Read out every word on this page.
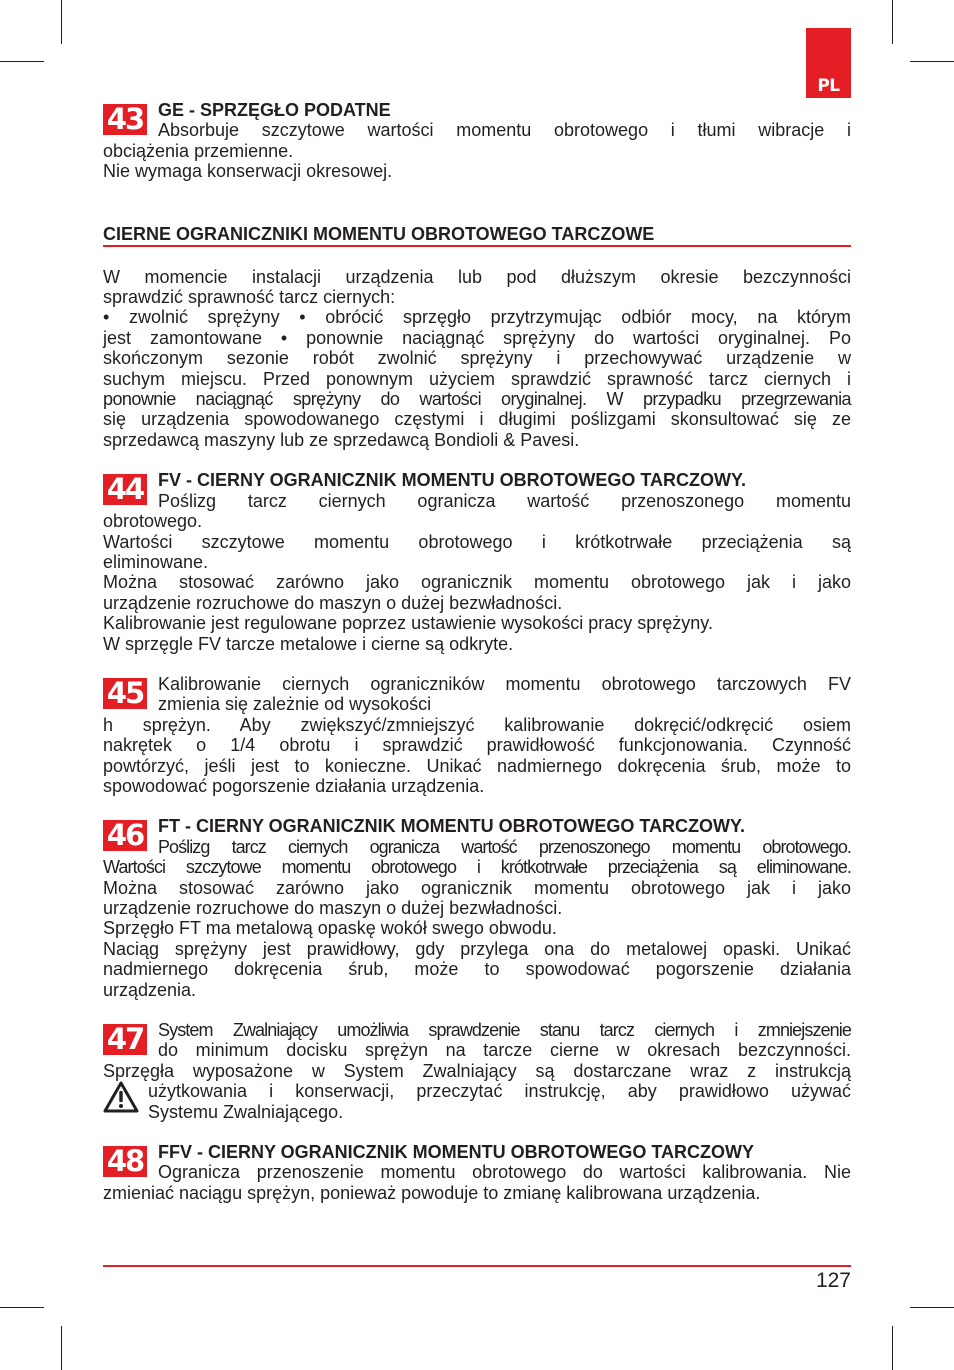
PL
43 GE - SPRZĘGŁO PODATNE
Absorbuje szczytowe wartości momentu obrotowego i tłumi wibracje i
obciążenia przemienne.
Nie wymaga konserwacji okresowej.
CIERNE OGRANICZNIKI MOMENTU OBROTOWEGO TARCZOWE
W momencie instalacji urządzenia lub pod dłuższym okresie bezczynności
sprawdzić sprawność tarcz ciernych:
• zwolnić sprężyny • obrócić sprzęgło przytrzymując odbiór mocy, na którym
jest zamontowane • ponownie naciągnąć sprężyny do wartości oryginalnej. Po
skończonym sezonie robót zwolnić sprężyny i przechowywać urządzenie w
suchym miejscu. Przed ponownym użyciem sprawdzić sprawność tarcz ciernych i
ponownie naciągnąć sprężyny do wartości oryginalnej. W przypadku przegrzewania
się urządzenia spowodowanego częstymi i długimi poślizgami skonsultować się ze
sprzedawcą maszyny lub ze sprzedawcą Bondioli & Pavesi.
44 FV - CIERNY OGRANICZNIK MOMENTU OBROTOWEGO TARCZOWY.
Poślizg tarcz ciernych ogranicza wartość przenoszonego momentu
obrotowego.
Wartości szczytowe momentu obrotowego i krótkotrwałe przeciążenia są
eliminowane.
Można stosować zarówno jako ogranicznik momentu obrotowego jak i jako
urządzenie rozruchowe do maszyn o dużej bezwładności.
Kalibrowanie jest regulowane poprzez ustawienie wysokości pracy sprężyny.
W sprzęgle FV tarcze metalowe i cierne są odkryte.
45 Kalibrowanie ciernych ograniczników momentu obrotowego tarczowych FV
zmienia się zależnie od wysokości
h sprężyn. Aby zwiększyć/zmniejszyć kalibrowanie dokręcić/odkręcić osiem
nakrętek o 1/4 obrotu i sprawdzić prawidłowość funkcjonowania. Czynność
powtórzyć, jeśli jest to konieczne. Unikać nadmiernego dokręcenia śrub, może to
spowodować pogorszenie działania urządzenia.
46 FT - CIERNY OGRANICZNIK MOMENTU OBROTOWEGO TARCZOWY.
Poślizg tarcz ciernych ogranicza wartość przenoszonego momentu obrotowego.
Wartości szczytowe momentu obrotowego i krótkotrwałe przeciążenia są eliminowane.
Można stosować zarówno jako ogranicznik momentu obrotowego jak i jako
urządzenie rozruchowe do maszyn o dużej bezwładności.
Sprzęgło FT ma metalową opaskę wokół swego obwodu.
Naciąg sprężyny jest prawidłowy, gdy przylega ona do metalowej opaski. Unikać
nadmiernego dokręcenia śrub, może to spowodować pogorszenie działania
urządzenia.
47 System Zwalniający umożliwia sprawdzenie stanu tarcz ciernych i zmniejszenie
do minimum docisku sprężyn na tarcze cierne w okresach bezczynności.
Sprzęgła wyposażone w System Zwalniający są dostarczane wraz z instrukcją
użytkowania i konserwacji, przeczytać instrukcję, aby prawidłowo używać
Systemu Zwalniającego.
48 FFV - CIERNY OGRANICZNIK MOMENTU OBROTOWEGO TARCZOWY
Ogranicza przenoszenie momentu obrotowego do wartości kalibrowania. Nie
zmieniać naciągu sprężyn, ponieważ powoduje to zmianę kalibrowana urządzenia.
127
